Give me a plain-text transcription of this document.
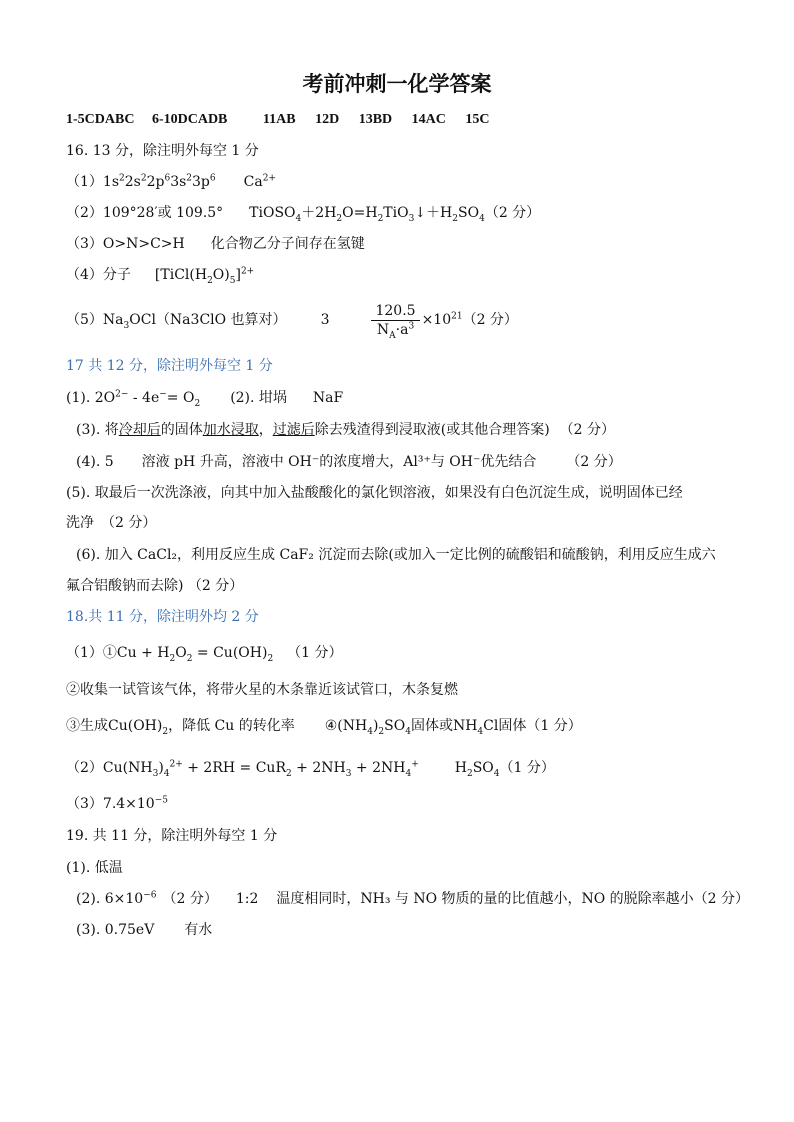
考前冲刺一化学答案
1-5CDABC 6-10DCADB	11AB 12D 13BD 14AC 15C
16. 13 分，除注明外每空 1 分
$(1)1s^22s^22p^63s^23p^6$ $Ca^{2+}$
（2）109°28′或 109.5° $TiOSO_4+2H_2O=H_2TiO_3↓+H_2SO_4(2$ 分）
（3）O>N>C>H 化合物乙分子间存在氢键
（4）分子 $[TiCl(H_2O)_5]^{2+}$
$(5)Na_3OCl(Na3ClO$ 也算对） 3	$\frac{120.5}{N_A\cdot a^3} \times 10^{21}(2$ 分）
17 共 12 分，除注明外每空 1 分
(1). $2O^{2-} - 4e^-= O_2$ (2). 坩埚 NaF
(3). 将冷却后的固体加水浸取，过滤后除去残渣得到浸取液(或其他合理答案) （2 分）
(4). 5 溶液 pH 升高，溶液中 OH⁻的浓度增大，Al³⁺与 OH⁻优先结合 （2 分）
(5). 取最后一次洗涤液，向其中加入盐酸酸化的氯化钡溶液，如果没有白色沉淀生成，说明固体已经
洗净　（2 分）
(6). 加入 CaCl₂，利用反应生成 CaF₂ 沉淀而去除(或加入一定比例的硫酸铝和硫酸钠，利用反应生成六
氟合铝酸钠而去除) （2 分）
18.共 11 分，除注明外均 2 分
（1）①Cu + $H_2O_2 = Cu(OH)_2$ （1 分）
②收集一试管该气体，将带火星的木条靠近该试管口，木条复燃
③生成$Cu(OH)_2$，降低 Cu 的转化率 $④(NH_4)_2SO_4$固体或$NH_4Cl$固体（1 分）
$(2)Cu(NH_3)_4^{2+} + 2RH = CuR_2 + 2NH_3 + 2NH_4^+$	$H_2SO_4(1$ 分）
$(3)7.4\times 10^{-5}$
19. 共 11 分，除注明外每空 1 分
(1). 低温
(2). $6\times 10^{-6}$ （2 分） 1:2 温度相同时，NH₃ 与 NO 物质的量的比值越小，NO 的脱除率越小（2 分）
(3). 0.75eV 有水
